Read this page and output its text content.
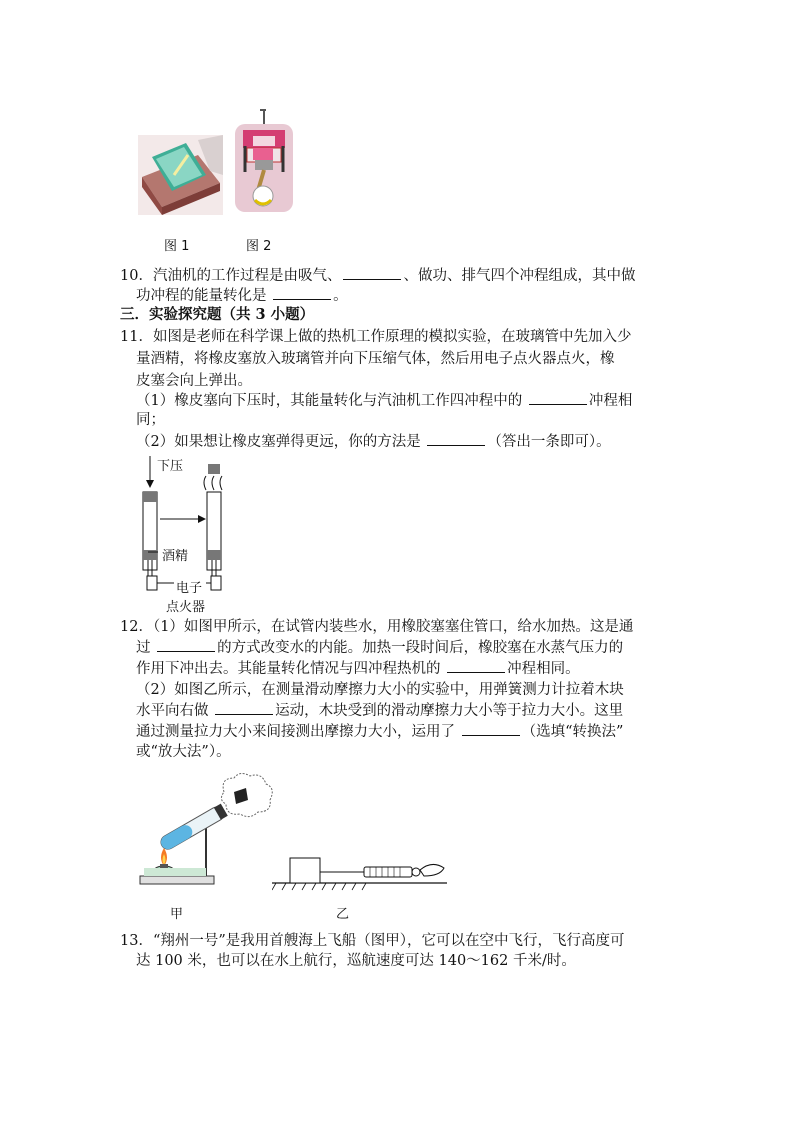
图 1	图 2
10．汽油机的工作过程是由吸气、	、做功、排气四个冲程组成，其中做
功冲程的能量转化是	。
三．实验探究题（共 3 小题）
11．如图是老师在科学课上做的热机工作原理的模拟实验，在玻璃管中先加入少
量酒精，将橡皮塞放入玻璃管并向下压缩气体，然后用电子点火器点火，橡
皮塞会向上弹出。
（1）橡皮塞向下压时，其能量转化与汽油机工作四冲程中的	冲程相
同；
（2）如果想让橡皮塞弹得更远，你的方法是	（答出一条即可）。
下压
酒精
电子
点火器
12．（1）如图甲所示，在试管内装些水，用橡胶塞塞住管口，给水加热。这是通
过	的方式改变水的内能。加热一段时间后，橡胶塞在水蒸气压力的
作用下冲出去。其能量转化情况与四冲程热机的	冲程相同。
（2）如图乙所示，在测量滑动摩擦力大小的实验中，用弹簧测力计拉着木块
水平向右做	运动，木块受到的滑动摩擦力大小等于拉力大小。这里
通过测量拉力大小来间接测出摩擦力大小，运用了	（选填“转换法”
或“放大法”）。
甲	乙
13．“翔州一号”是我用首艘海上飞船（图甲），它可以在空中飞行，飞行高度可
达 100 米，也可以在水上航行，巡航速度可达 140～162 千米/时。
